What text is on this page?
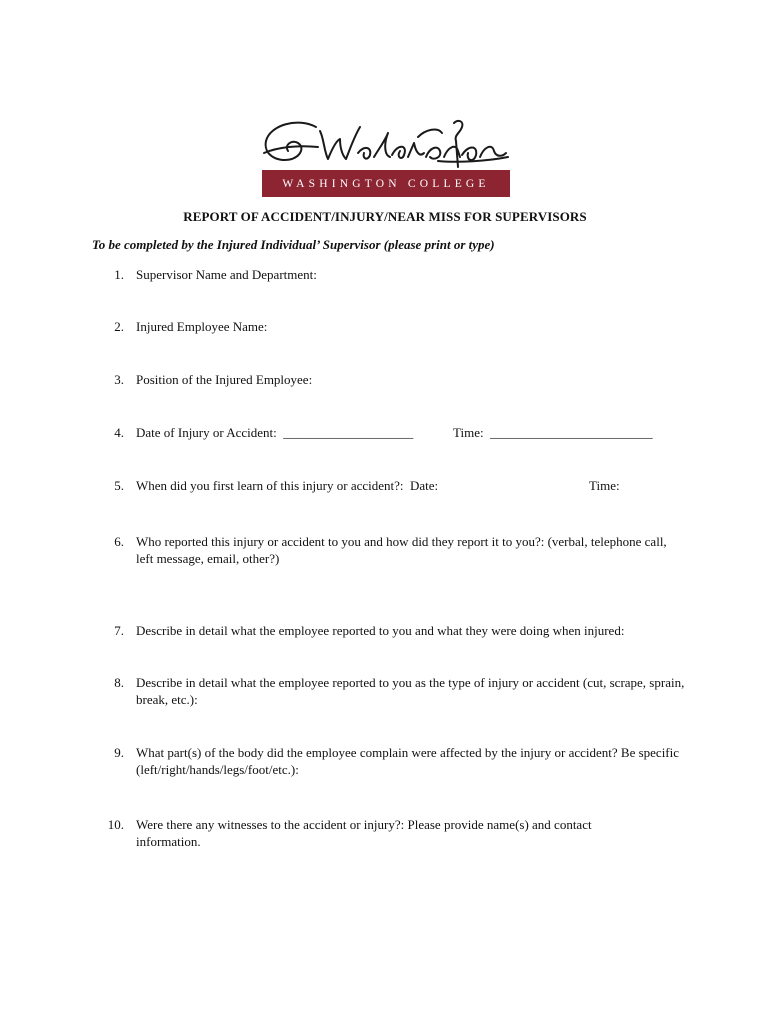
WASHINGTON COLLEGE
REPORT OF ACCIDENT/INJURY/NEAR MISS FOR SUPERVISORS
To be completed by the Injured Individual’ Supervisor (please print or type)
1. Supervisor Name and Department:
2. Injured Employee Name:
3. Position of the Injured Employee:
4. Date of Injury or Accident:  ____________________	Time:  _________________________
5. When did you first learn of this injury or accident?:  Date:	Time:
6. Who reported this injury or accident to you and how did they report it to you?: (verbal, telephone call, left message, email, other?)
7. Describe in detail what the employee reported to you and what they were doing when injured:
8. Describe in detail what the employee reported to you as the type of injury or accident (cut, scrape, sprain, break, etc.):
9. What part(s) of the body did the employee complain were affected by the injury or accident? Be specific (left/right/hands/legs/foot/etc.):
10. Were there any witnesses to the accident or injury?: Please provide name(s) and contact information.
